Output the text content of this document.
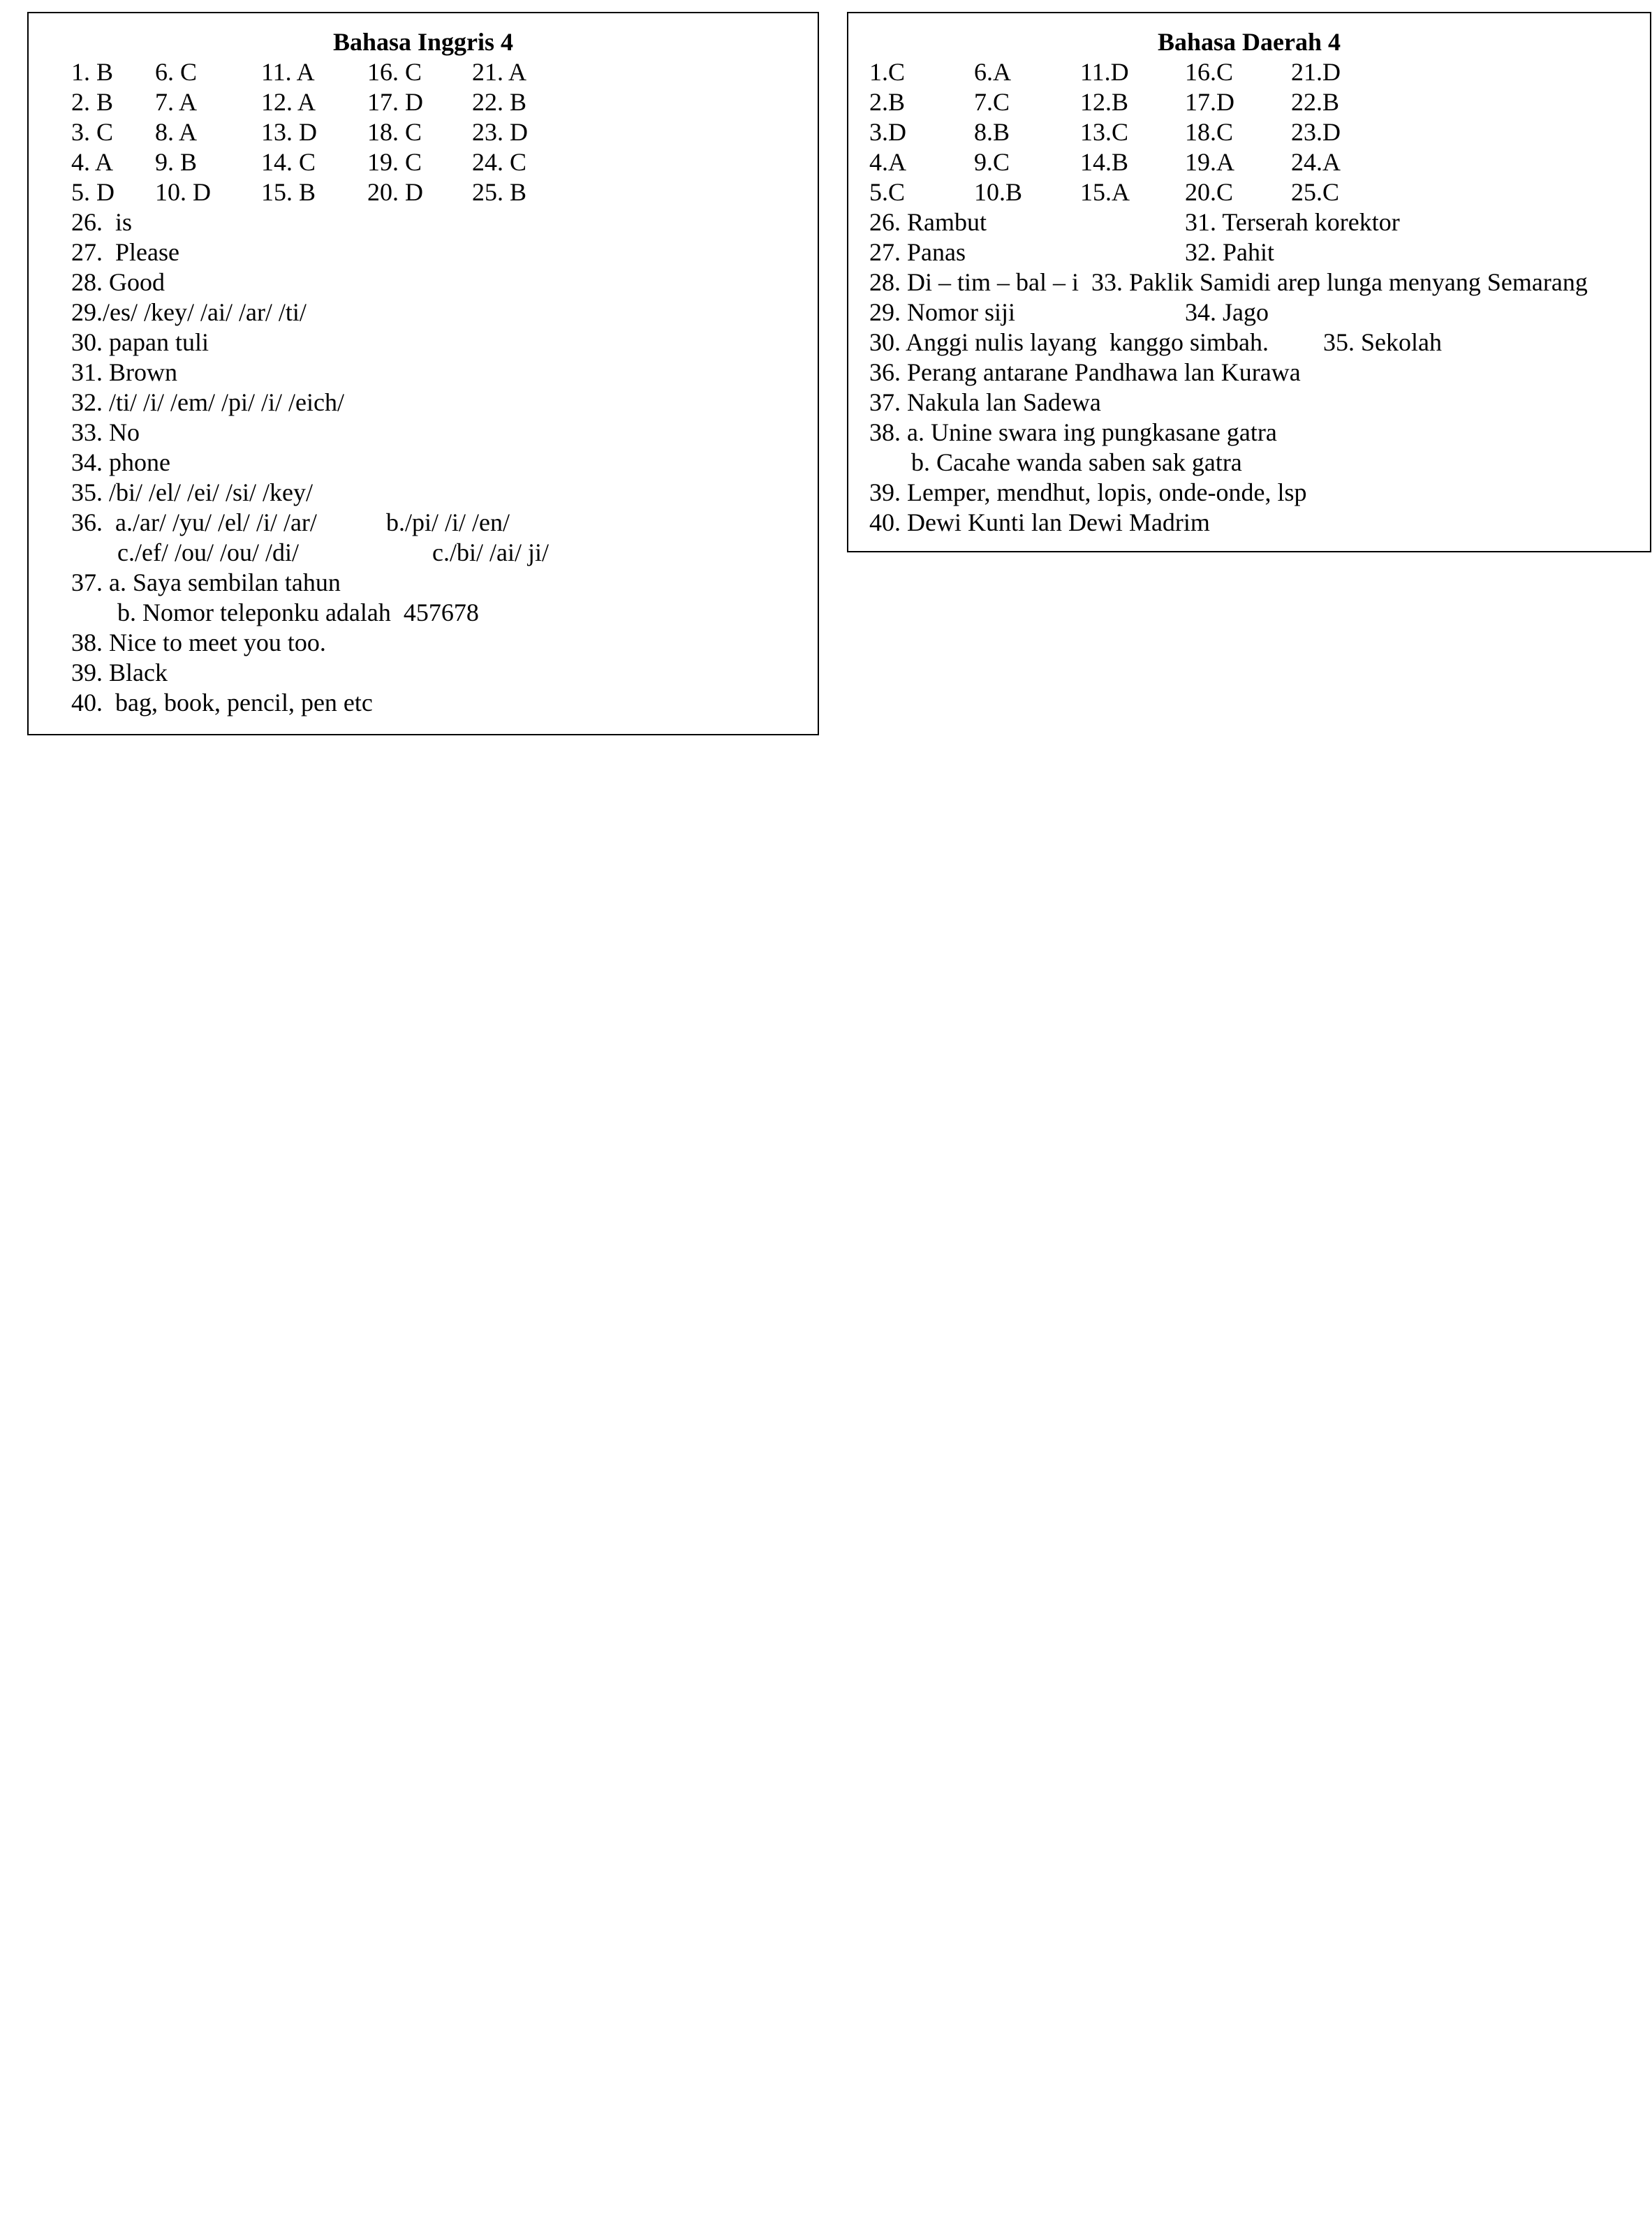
Bahasa Inggris 4
1. B 6. C	11. A 16. C 21. A
2. B 7. A	12. A 17. D 22. B
3. C 8. A	13. D 18. C 23. D
4. A 9. B	14. C 19. C 24. C
5. D 10. D 15. B 20. D 25. B
26.  is
27.  Please
28. Good
29./es/ /key/ /ai/ /ar/ /ti/
30. papan tuli
31. Brown
32. /ti/ /i/ /em/ /pi/ /i/ /eich/
33. No
34. phone
35. /bi/ /el/ /ei/ /si/ /key/
36.  a./ar/ /yu/ /el/ /i/ /ar/	b./pi/ /i/ /en/
c./ef/ /ou/ /ou/ /di/	c./bi/ /ai/ ji/
37. a. Saya sembilan tahun
b. Nomor teleponku adalah  457678
38. Nice to meet you too.
39. Black
40.  bag, book, pencil, pen etc
Bahasa Daerah 4
1.C	6.A	11.D 16.C 21.D
2.B	7.C	12.B 17.D 22.B
3.D	8.B	13.C 18.C 23.D
4.A	9.C	14.B 19.A 24.A
5.C	10.B 15.A 20.C 25.C
26. Rambut	31. Terserah korektor
27. Panas	32. Pahit
28. Di – tim – bal – i  33. Paklik Samidi arep lunga menyang Semarang
29. Nomor siji	34. Jago
30. Anggi nulis layang  kanggo simbah. 35. Sekolah
36. Perang antarane Pandhawa lan Kurawa
37. Nakula lan Sadewa
38. a. Unine swara ing pungkasane gatra
b. Cacahe wanda saben sak gatra
39. Lemper, mendhut, lopis, onde-onde, lsp
40. Dewi Kunti lan Dewi Madrim
